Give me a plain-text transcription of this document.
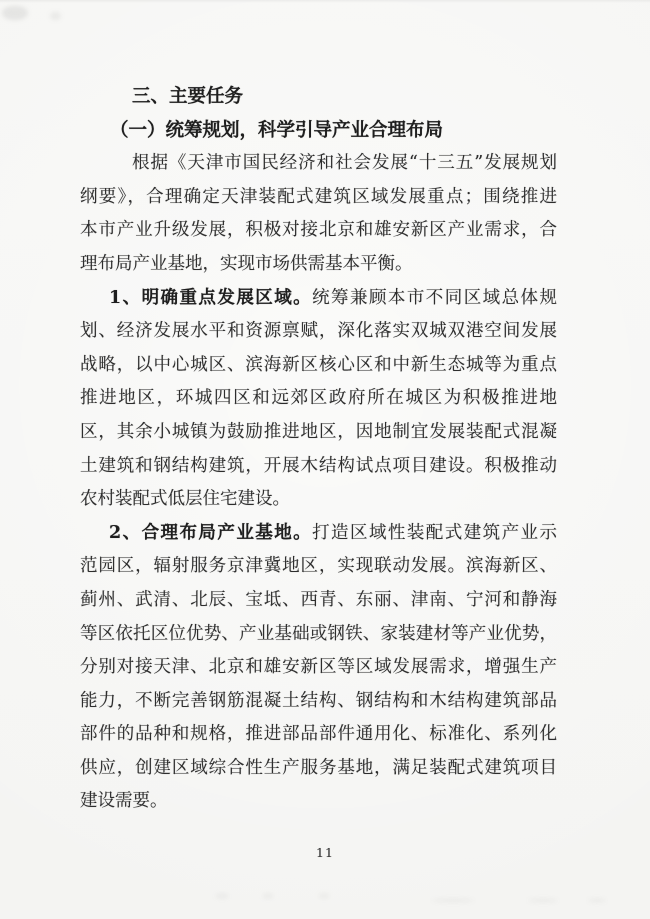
三、主要任务
（一）统筹规划，科学引导产业合理布局
根据《天津市国民经济和社会发展“十三五”发展规划
纲要》，合理确定天津装配式建筑区域发展重点；围绕推进
本市产业升级发展，积极对接北京和雄安新区产业需求，合
理布局产业基地，实现市场供需基本平衡。
1、明确重点发展区域。统筹兼顾本市不同区域总体规
划、经济发展水平和资源禀赋，深化落实双城双港空间发展
战略，以中心城区、滨海新区核心区和中新生态城等为重点
推进地区，环城四区和远郊区政府所在城区为积极推进地
区，其余小城镇为鼓励推进地区，因地制宜发展装配式混凝
土建筑和钢结构建筑，开展木结构试点项目建设。积极推动
农村装配式低层住宅建设。
2、合理布局产业基地。打造区域性装配式建筑产业示
范园区，辐射服务京津冀地区，实现联动发展。滨海新区、
蓟州、武清、北辰、宝坻、西青、东丽、津南、宁河和静海
等区依托区位优势、产业基础或钢铁、家装建材等产业优势，
分别对接天津、北京和雄安新区等区域发展需求，增强生产
能力，不断完善钢筋混凝土结构、钢结构和木结构建筑部品
部件的品种和规格，推进部品部件通用化、标准化、系列化
供应，创建区域综合性生产服务基地，满足装配式建筑项目
建设需要。
11
